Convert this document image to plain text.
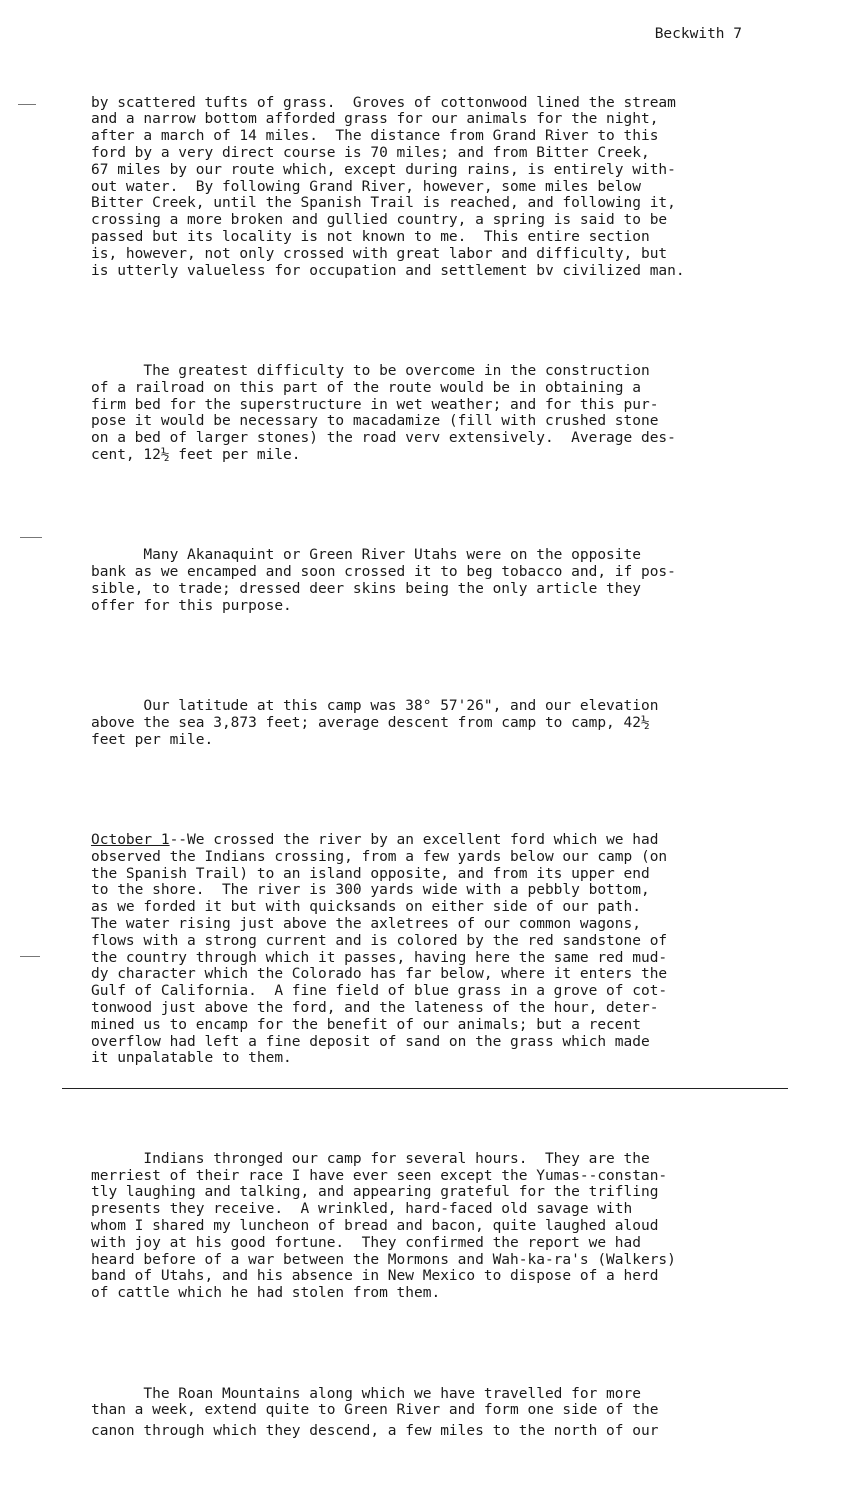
Beckwith 7

by scattered tufts of grass.  Groves of cottonwood lined the stream
and a narrow bottom afforded grass for our animals for the night,
after a march of 14 miles.  The distance from Grand River to this
ford by a very direct course is 70 miles; and from Bitter Creek,
67 miles by our route which, except during rains, is entirely with-
out water.  By following Grand River, however, some miles below
Bitter Creek, until the Spanish Trail is reached, and following it,
crossing a more broken and gullied country, a spring is said to be
passed but its locality is not known to me.  This entire section
is, however, not only crossed with great labor and difficulty, but
is utterly valueless for occupation and settlement bv civilized man.

The greatest difficulty to be overcome in the construction
of a railroad on this part of the route would be in obtaining a
firm bed for the superstructure in wet weather; and for this pur-
pose it would be necessary to macadamize (fill with crushed stone
on a bed of larger stones) the road verv extensively.  Average des-
cent, 12½ feet per mile.

Many Akanaquint or Green River Utahs were on the opposite
bank as we encamped and soon crossed it to beg tobacco and, if pos-
sible, to trade; dressed deer skins being the only article they
offer for this purpose.

Our latitude at this camp was 38° 57'26", and our elevation
above the sea 3,873 feet; average descent from camp to camp, 42½
feet per mile.

October 1--We crossed the river by an excellent ford which we had
observed the Indians crossing, from a few yards below our camp (on
the Spanish Trail) to an island opposite, and from its upper end
to the shore.  The river is 300 yards wide with a pebbly bottom,
as we forded it but with quicksands on either side of our path.
The water rising just above the axletrees of our common wagons,
flows with a strong current and is colored by the red sandstone of
the country through which it passes, having here the same red mud-
dy character which the Colorado has far below, where it enters the
Gulf of California.  A fine field of blue grass in a grove of cot-
tonwood just above the ford, and the lateness of the hour, deter-
mined us to encamp for the benefit of our animals; but a recent
overflow had left a fine deposit of sand on the grass which made
it unpalatable to them.

Indians thronged our camp for several hours.  They are the
merriest of their race I have ever seen except the Yumas--constan-
tly laughing and talking, and appearing grateful for the trifling
presents they receive.  A wrinkled, hard-faced old savage with
whom I shared my luncheon of bread and bacon, quite laughed aloud
with joy at his good fortune.  They confirmed the report we had
heard before of a war between the Mormons and Wah-ka-ra's (Walkers)
band of Utahs, and his absence in New Mexico to dispose of a herd
of cattle which he had stolen from them.

The Roan Mountains along which we have travelled for more
than a week, extend quite to Green River and form one side of the
canon through which they descend, a few miles to the north of our
